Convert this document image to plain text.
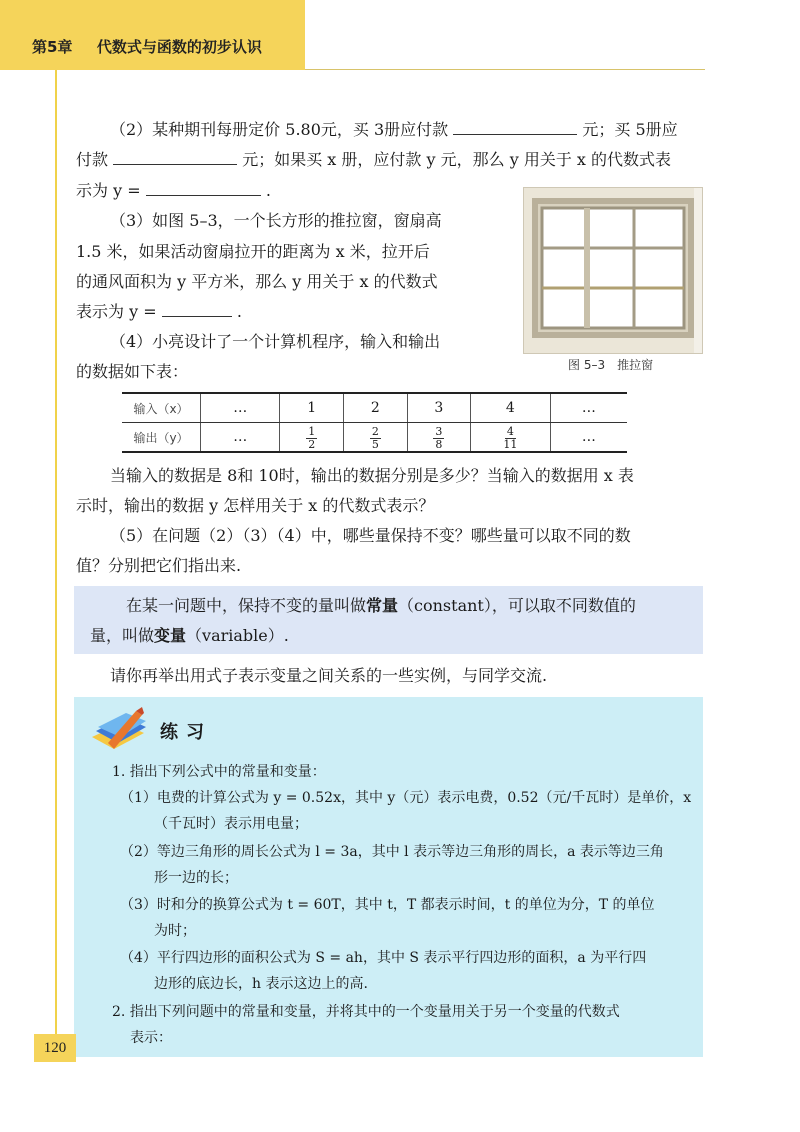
第5章 代数式与函数的初步认识

（2）某种期刊每册定价 5.80元，买 3册应付款	元；买 5册应

付款	元；如果买 x 册，应付款 y 元，那么 y 用关于 x 的代数式表

示为 y =	.

（3）如图 5–3，一个长方形的推拉窗，窗扇高

1.5 米，如果活动窗扇拉开的距离为 x 米，拉开后

的通风面积为 y 平方米，那么 y 用关于 x 的代数式

表示为 y =	.

（4）小亮设计了一个计算机程序，输入和输出

的数据如下表：	图 5–3　推拉窗
输入（x）	…	1	2	3	4	…
输出（y）	…	$\frac{1}{2}$	$\frac{2}{5}$	$\frac{3}{8}$	$\frac{4}{11}$	…

当输入的数据是 8和 10时，输出的数据分别是多少？当输入的数据用 x 表

示时，输出的数据 y 怎样用关于 x 的代数式表示？

（5）在问题（2）（3）（4）中，哪些量保持不变？哪些量可以取不同的数

值？分别把它们指出来.

在某一问题中，保持不变的量叫做常量（constant），可以取不同数值的

量，叫做变量（variable）.

请你再举出用式子表示变量之间关系的一些实例，与同学交流.

练习

1. 指出下列公式中的常量和变量：

（1）电费的计算公式为 y = 0.52x，其中 y（元）表示电费，0.52（元/千瓦时）是单价，x

（千瓦时）表示用电量；

（2）等边三角形的周长公式为 l = 3a，其中 l 表示等边三角形的周长，a 表示等边三角

形一边的长；

（3）时和分的换算公式为 t = 60T，其中 t，T 都表示时间，t 的单位为分，T 的单位

为时；

（4）平行四边形的面积公式为 S = ah，其中 S 表示平行四边形的面积，a 为平行四

边形的底边长，h 表示这边上的高.

2. 指出下列问题中的常量和变量，并将其中的一个变量用关于另一个变量的代数式

表示：

120
